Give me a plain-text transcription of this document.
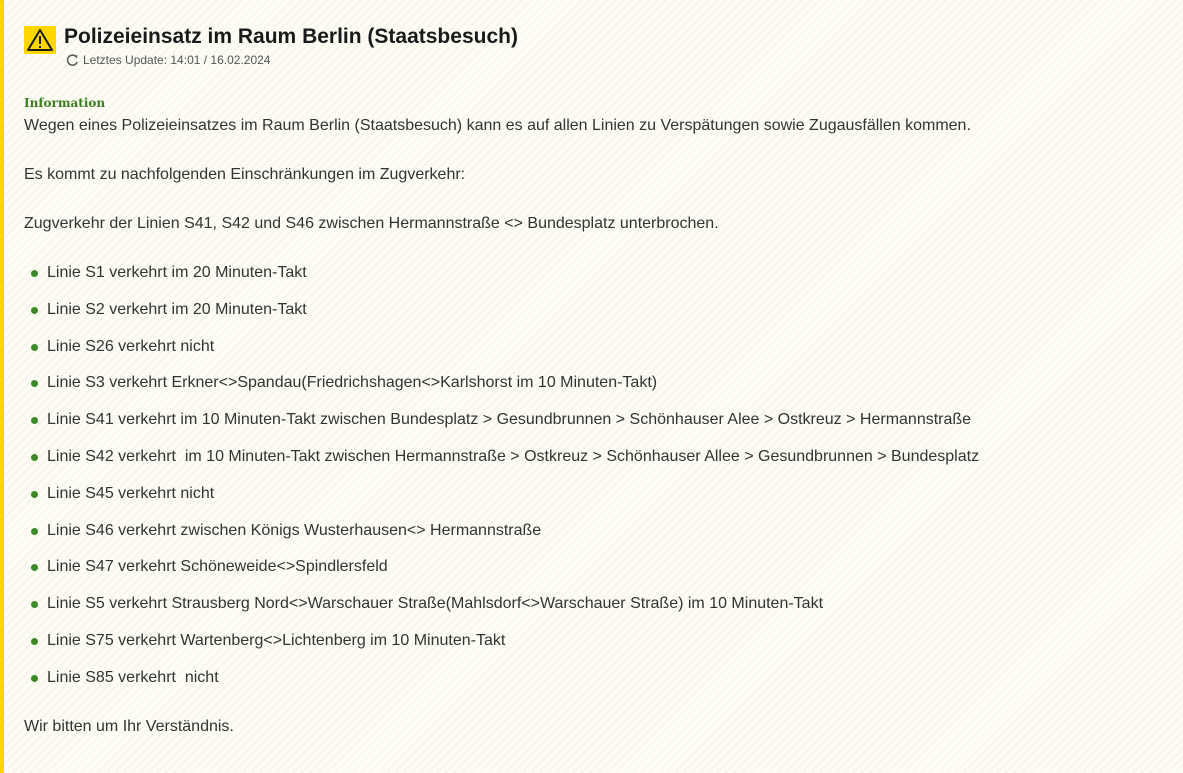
Polizeieinsatz im Raum Berlin (Staatsbesuch)
Letztes Update: 14:01 / 16.02.2024
Information

Wegen eines Polizeieinsatzes im Raum Berlin (Staatsbesuch) kann es auf allen Linien zu Verspätungen sowie Zugausfällen kommen.

Es kommt zu nachfolgenden Einschränkungen im Zugverkehr:

Zugverkehr der Linien S41, S42 und S46 zwischen Hermannstraße <> Bundesplatz unterbrochen.

Linie S1 verkehrt im 20 Minuten-Takt
Linie S2 verkehrt im 20 Minuten-Takt
Linie S26 verkehrt nicht
Linie S3 verkehrt Erkner<>Spandau(Friedrichshagen<>Karlshorst im 10 Minuten-Takt)
Linie S41 verkehrt im 10 Minuten-Takt zwischen Bundesplatz > Gesundbrunnen > Schönhauser Alee > Ostkreuz > Hermannstraße
Linie S42 verkehrt  im 10 Minuten-Takt zwischen Hermannstraße > Ostkreuz > Schönhauser Allee > Gesundbrunnen > Bundesplatz
Linie S45 verkehrt nicht
Linie S46 verkehrt zwischen Königs Wusterhausen<> Hermannstraße
Linie S47 verkehrt Schöneweide<>Spindlersfeld
Linie S5 verkehrt Strausberg Nord<>Warschauer Straße(Mahlsdorf<>Warschauer Straße) im 10 Minuten-Takt
Linie S75 verkehrt Wartenberg<>Lichtenberg im 10 Minuten-Takt
Linie S85 verkehrt  nicht

Wir bitten um Ihr Verständnis.
